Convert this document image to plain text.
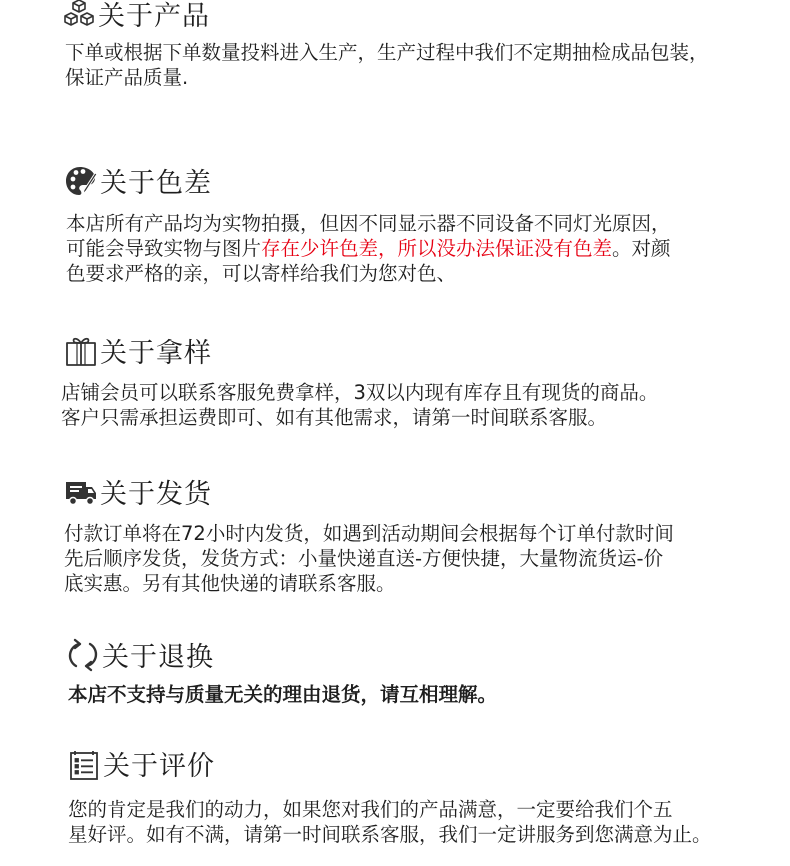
关于产品
下单或根据下单数量投料进入生产，生产过程中我们不定期抽检成品包装，
保证产品质量.
关于色差
本店所有产品均为实物拍摄，但因不同显示器不同设备不同灯光原因，
可能会导致实物与图片存在少许色差，所以没办法保证没有色差。对颜
色要求严格的亲，可以寄样给我们为您对色、
关于拿样
店铺会员可以联系客服免费拿样，3双以内现有库存且有现货的商品。
客户只需承担运费即可、如有其他需求，请第一时间联系客服。
关于发货
付款订单将在72小时内发货，如遇到活动期间会根据每个订单付款时间
先后顺序发货，发货方式：小量快递直送-方便快捷，大量物流货运-价
底实惠。另有其他快递的请联系客服。
关于退换
本店不支持与质量无关的理由退货，请互相理解。
关于评价
您的肯定是我们的动力，如果您对我们的产品满意，一定要给我们个五
星好评。如有不满，请第一时间联系客服，我们一定讲服务到您满意为止。
